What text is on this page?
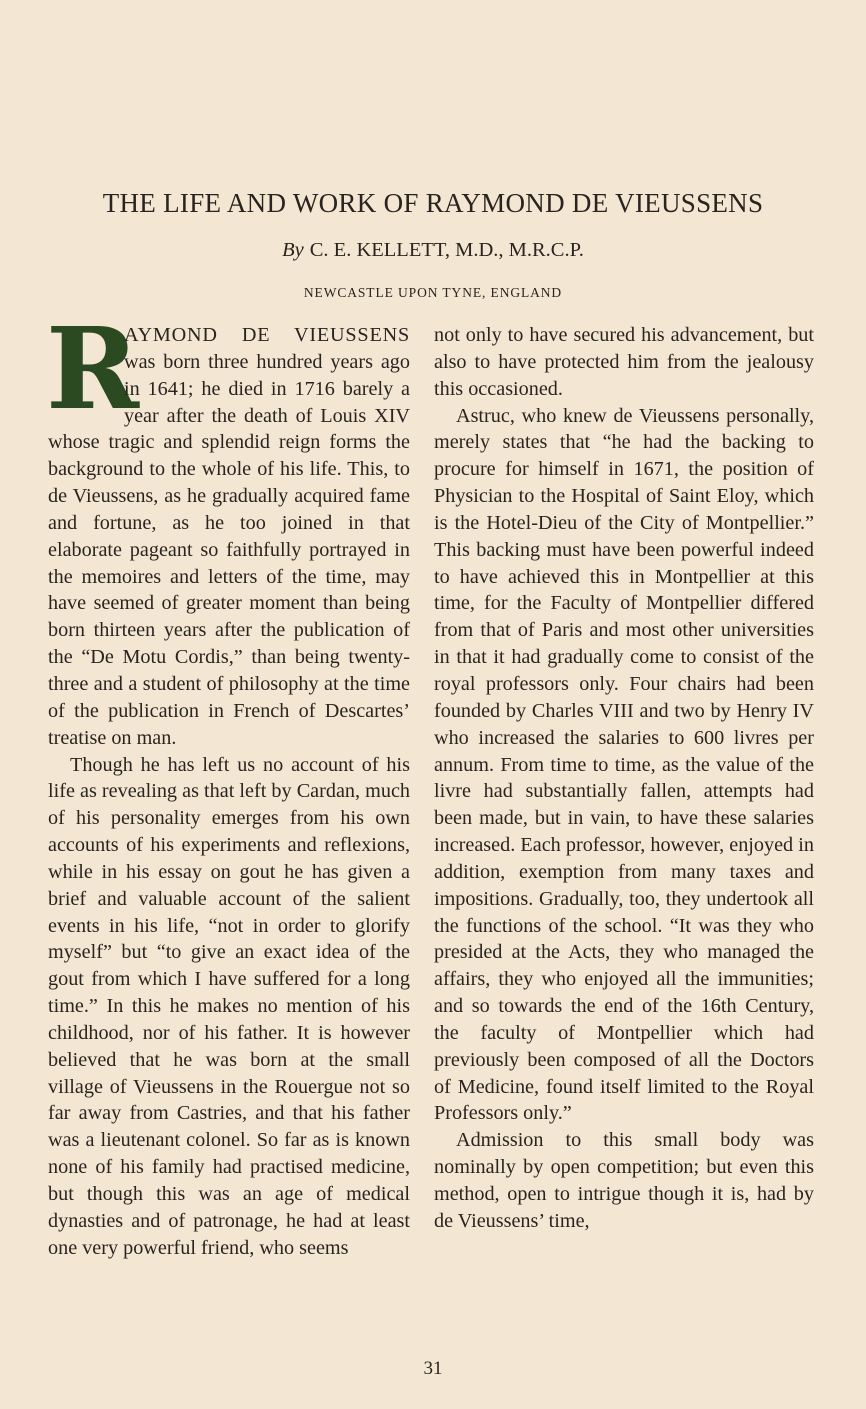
THE LIFE AND WORK OF RAYMOND DE VIEUSSENS
By C. E. KELLETT, M.D., M.R.C.P.
NEWCASTLE UPON TYNE, ENGLAND

R
AYMOND DE VIEUSSENS was born three hundred years ago in 1641; he died in 1716 barely a year after the death of Louis XIV whose tragic and splendid reign forms the background to the whole of his life. This, to de Vieussens, as he gradually acquired fame and fortune, as he too joined in that elaborate pageant so faithfully portrayed in the memoires and letters of the time, may have seemed of greater moment than being born thirteen years after the publication of the “De Motu Cordis,” than being twenty-three and a student of philosophy at the time of the publication in French of Descartes’ treatise on man.

Though he has left us no account of his life as revealing as that left by Cardan, much of his personality emerges from his own accounts of his experiments and reflexions, while in his essay on gout he has given a brief and valuable account of the salient events in his life, “not in order to glorify myself” but “to give an exact idea of the gout from which I have suffered for a long time.” In this he makes no mention of his childhood, nor of his father. It is however believed that he was born at the small village of Vieussens in the Rouergue not so far away from Castries, and that his father was a lieutenant colonel. So far as is known none of his family had practised medicine, but though this was an age of medical dynasties and of patronage, he had at least one very powerful friend, who seems

not only to have secured his advancement, but also to have protected him from the jealousy this occasioned.

Astruc, who knew de Vieussens personally, merely states that “he had the backing to procure for himself in 1671, the position of Physician to the Hospital of Saint Eloy, which is the Hotel-Dieu of the City of Montpellier.” This backing must have been powerful indeed to have achieved this in Montpellier at this time, for the Faculty of Montpellier differed from that of Paris and most other universities in that it had gradually come to consist of the royal professors only. Four chairs had been founded by Charles VIII and two by Henry IV who increased the salaries to 600 livres per annum. From time to time, as the value of the livre had substantially fallen, attempts had been made, but in vain, to have these salaries increased. Each professor, however, enjoyed in addition, exemption from many taxes and impositions. Gradually, too, they undertook all the functions of the school. “It was they who presided at the Acts, they who managed the affairs, they who enjoyed all the immunities; and so towards the end of the 16th Century, the faculty of Montpellier which had previously been composed of all the Doctors of Medicine, found itself limited to the Royal Professors only.”

Admission to this small body was nominally by open competition; but even this method, open to intrigue though it is, had by de Vieussens’ time,

31
